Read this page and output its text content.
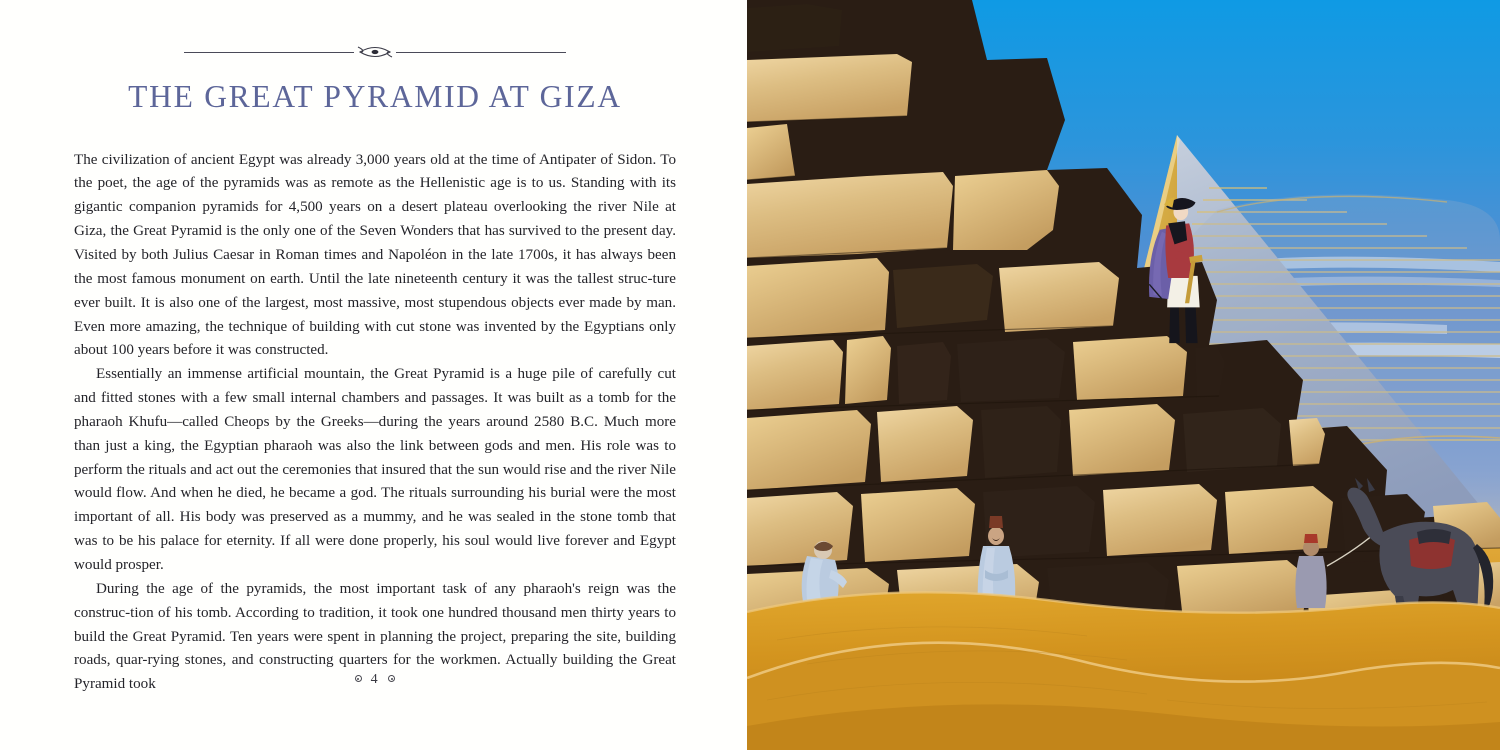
THE GREAT PYRAMID AT GIZA

The civilization of ancient Egypt was already 3,000 years old at the time of Antipater of Sidon. To the poet, the age of the pyramids was as remote as the Hellenistic age is to us. Standing with its gigantic companion pyramids for 4,500 years on a desert plateau overlooking the river Nile at Giza, the Great Pyramid is the only one of the Seven Wonders that has survived to the present day. Visited by both Julius Caesar in Roman times and Napoléon in the late 1700s, it has always been the most famous monument on earth. Until the late nineteenth century it was the tallest struc-ture ever built. It is also one of the largest, most massive, most stupendous objects ever made by man. Even more amazing, the technique of building with cut stone was invented by the Egyptians only about 100 years before it was constructed.

Essentially an immense artificial mountain, the Great Pyramid is a huge pile of carefully cut and fitted stones with a few small internal chambers and passages. It was built as a tomb for the pharaoh Khufu—called Cheops by the Greeks—during the years around 2580 B.C. Much more than just a king, the Egyptian pharaoh was also the link between gods and men. His role was to perform the rituals and act out the ceremonies that insured that the sun would rise and the river Nile would flow. And when he died, he became a god. The rituals surrounding his burial were the most important of all. His body was preserved as a mummy, and he was sealed in the stone tomb that was to be his palace for eternity. If all were done properly, his soul would live forever and Egypt would prosper.

During the age of the pyramids, the most important task of any pharaoh's reign was the construc-tion of his tomb. According to tradition, it took one hundred thousand men thirty years to build the Great Pyramid. Ten years were spent in planning the project, preparing the site, building roads, quar-rying stones, and constructing quarters for the workmen. Actually building the Great Pyramid took	4
